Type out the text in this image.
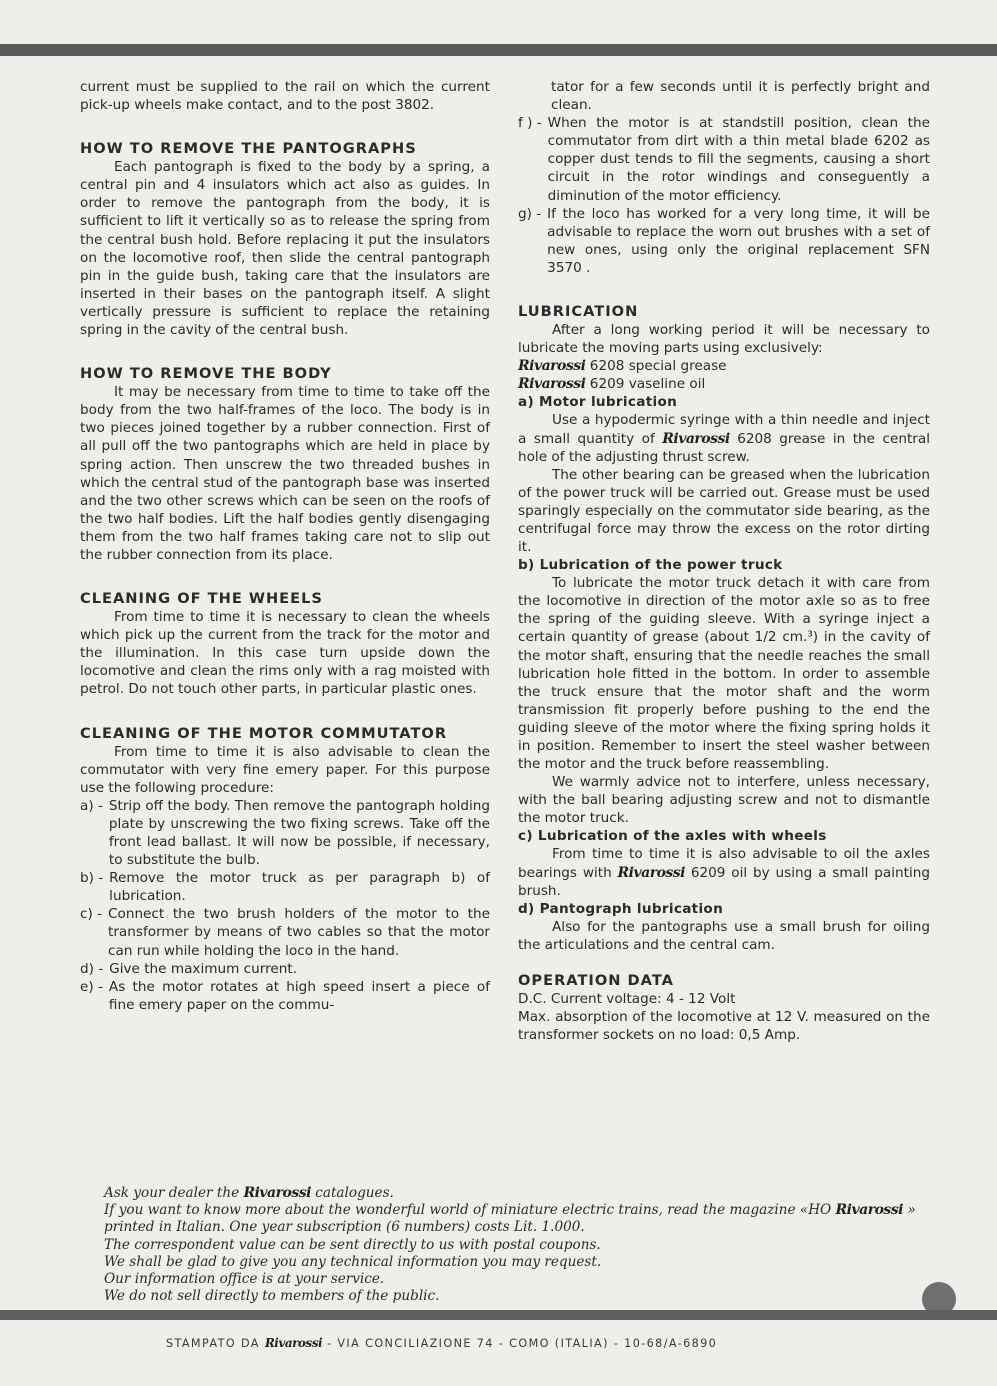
current must be supplied to the rail on which the current pick-up wheels make contact, and to the post 3802.

HOW TO REMOVE THE PANTOGRAPHS

Each pantograph is fixed to the body by a spring, a central pin and 4 insulators which act also as guides. In order to remove the pantograph from the body, it is sufficient to lift it vertically so as to release the spring from the central bush hold. Before replacing it put the insulators on the locomotive roof, then slide the central pantograph pin in the guide bush, taking care that the insulators are inserted in their bases on the pantograph itself. A slight vertically pressure is sufficient to replace the retaining spring in the cavity of the central bush.

HOW TO REMOVE THE BODY

It may be necessary from time to time to take off the body from the two half-frames of the loco. The body is in two pieces joined together by a rubber connection. First of all pull off the two pantographs which are held in place by spring action. Then unscrew the two threaded bushes in which the central stud of the pantograph base was inserted and the two other screws which can be seen on the roofs of the two half bodies. Lift the half bodies gently disengaging them from the two half frames taking care not to slip out the rubber connection from its place.

CLEANING OF THE WHEELS

From time to time it is necessary to clean the wheels which pick up the current from the track for the motor and the illumination. In this case turn upside down the locomotive and clean the rims only with a rag moisted with petrol. Do not touch other parts, in particular plastic ones.

CLEANING OF THE MOTOR COMMUTATOR

From time to time it is also advisable to clean the commutator with very fine emery paper. For this purpose use the following procedure:

a) - Strip off the body. Then remove the pantograph holding plate by unscrewing the two fixing screws. Take off the front lead ballast. It will now be possible, if necessary, to substitute the bulb.
b) - Remove the motor truck as per paragraph b) of lubrication.
c) - Connect the two brush holders of the motor to the transformer by means of two cables so that the motor can run while holding the loco in the hand.
d) - Give the maximum current.
e) - As the motor rotates at high speed insert a piece of fine emery paper on the commu-

tator for a few seconds until it is perfectly bright and clean.

f ) - When the motor is at standstill position, clean the commutator from dirt with a thin metal blade 6202 as copper dust tends to fill the segments, causing a short circuit in the rotor windings and conseguently a diminution of the motor efficiency.
g) - If the loco has worked for a very long time, it will be advisable to replace the worn out brushes with a set of new ones, using only the original replacement SFN 3570 .
LUBRICATION

After a long working period it will be necessary to lubricate the moving parts using exclusively:

Rivarossi 6208 special grease
Rivarossi 6209 vaseline oil
a) Motor lubrication

Use a hypodermic syringe with a thin needle and inject a small quantity of Rivarossi 6208 grease in the central hole of the adjusting thrust screw.

The other bearing can be greased when the lubrication of the power truck will be carried out. Grease must be used sparingly especially on the commutator side bearing, as the centrifugal force may throw the excess on the rotor dirting it.

b) Lubrication of the power truck

To lubricate the motor truck detach it with care from the locomotive in direction of the motor axle so as to free the spring of the guiding sleeve. With a syringe inject a certain quantity of grease (about 1/2 cm.³) in the cavity of the motor shaft, ensuring that the needle reaches the small lubrication hole fitted in the bottom. In order to assemble the truck ensure that the motor shaft and the worm transmission fit properly before pushing to the end the guiding sleeve of the motor where the fixing spring holds it in position. Remember to insert the steel washer between the motor and the truck before reassembling.

We warmly advice not to interfere, unless necessary, with the ball bearing adjusting screw and not to dismantle the motor truck.

c) Lubrication of the axles with wheels

From time to time it is also advisable to oil the axles bearings with Rivarossi 6209 oil by using a small painting brush.

d) Pantograph lubrication

Also for the pantographs use a small brush for oiling the articulations and the central cam.

OPERATION DATA

D.C. Current voltage: 4 - 12 Volt

Max. absorption of the locomotive at 12 V. measured on the transformer sockets on no load: 0,5 Amp.

Ask your dealer the Rivarossi catalogues.

If you want to know more about the wonderful world of miniature electric trains, read the magazine «HO Rivarossi » printed in Italian. One year subscription (6 numbers) costs Lit. 1.000.

The correspondent value can be sent directly to us with postal coupons.

We shall be glad to give you any technical information you may request.

Our information office is at your service.

We do not sell directly to members of the public.

STAMPATO DA Rivarossi - VIA CONCILIAZIONE 74 - COMO (ITALIA) - 10-68/A-6890
